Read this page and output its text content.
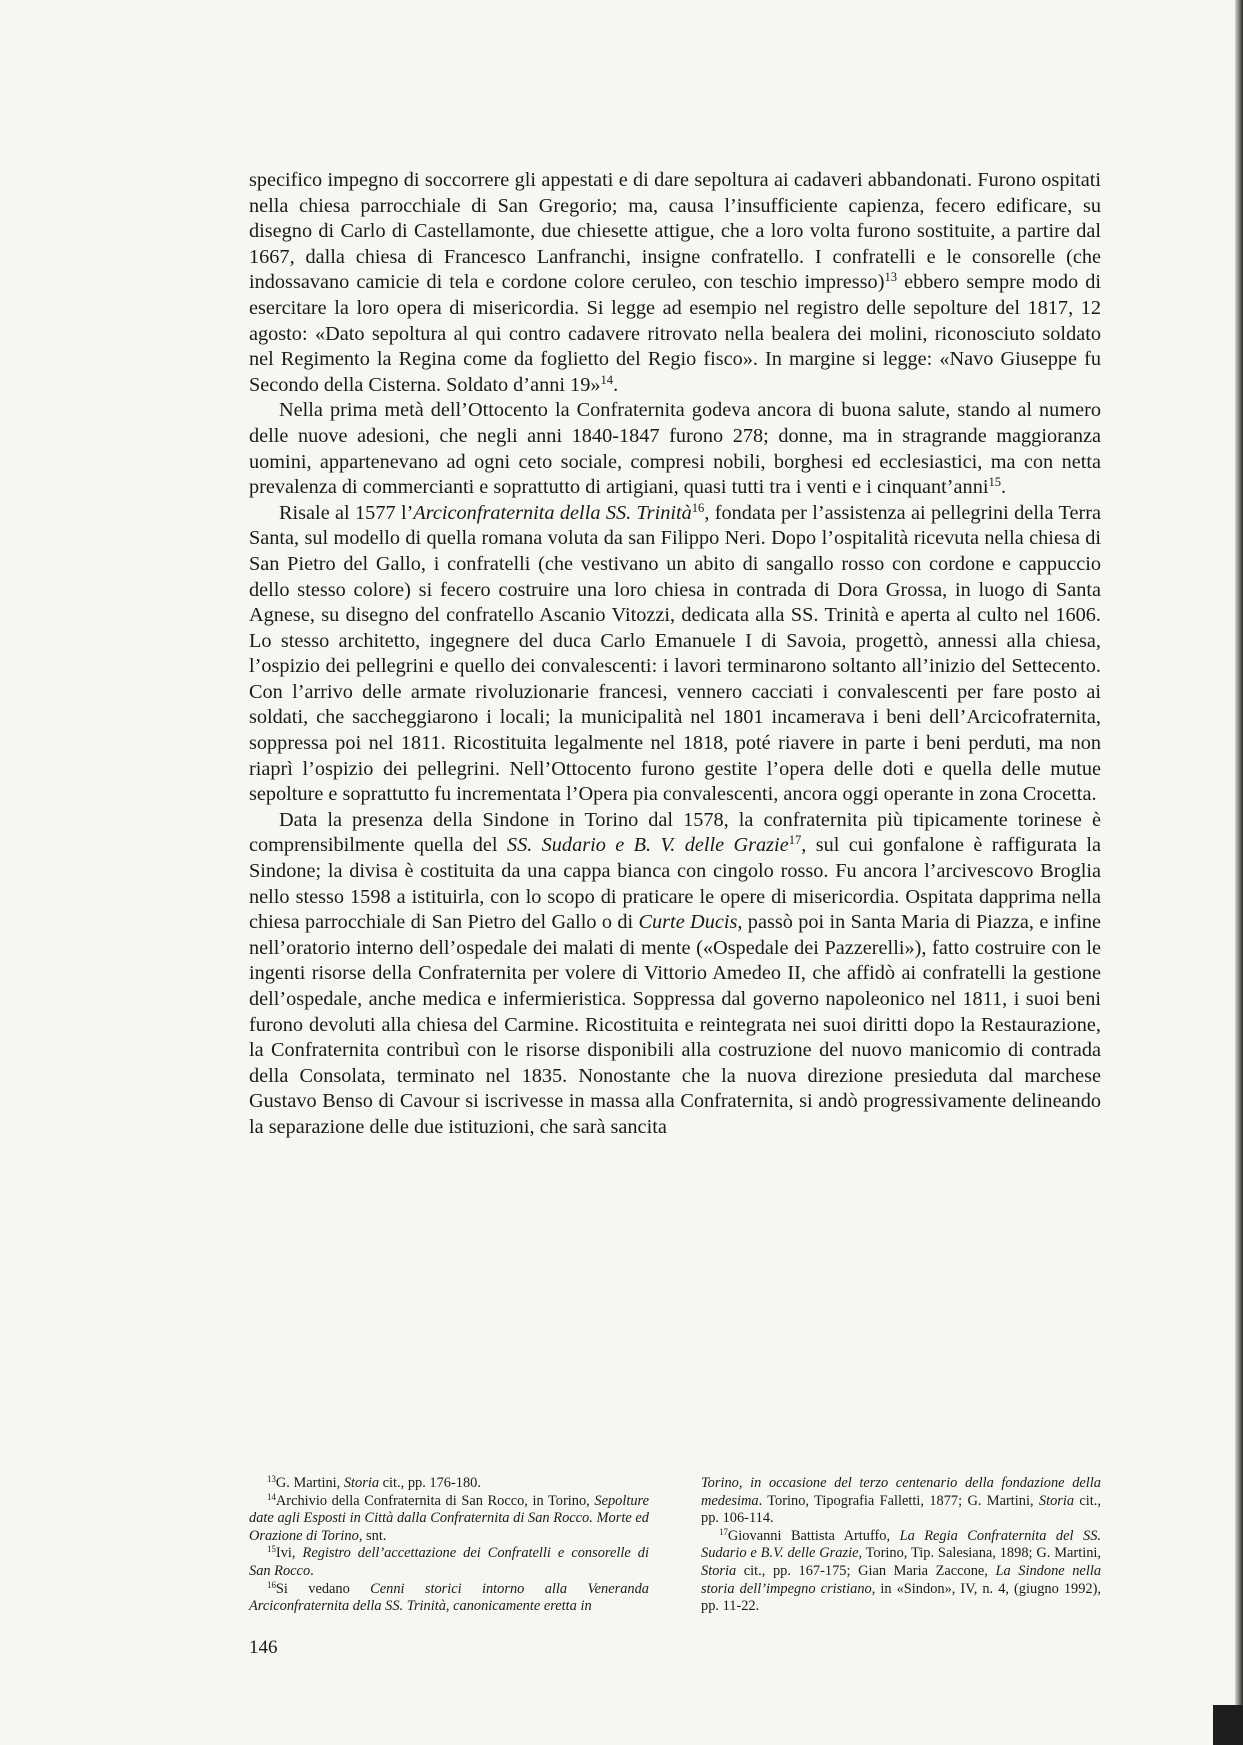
specifico impegno di soccorrere gli appestati e di dare sepoltura ai cadaveri abbandonati. Furono ospitati nella chiesa parrocchiale di San Gregorio; ma, causa l’insufficiente capienza, fecero edificare, su disegno di Carlo di Castellamonte, due chiesette attigue, che a loro volta furono sostituite, a partire dal 1667, dalla chiesa di Francesco Lanfranchi, insigne confratello. I confratelli e le consorelle (che indossavano camicie di tela e cordone colore ceruleo, con teschio impresso)$^{13}$ ebbero sempre modo di esercitare la loro opera di misericordia. Si legge ad esempio nel registro delle sepolture del 1817, 12 agosto: «Dato sepoltura al qui contro cadavere ritrovato nella bealera dei molini, riconosciuto soldato nel Regimento la Regina come da foglietto del Regio fisco». In margine si legge: «Navo Giuseppe fu Secondo della Cisterna. Soldato d’anni 19»$^{14}$.

Nella prima metà dell’Ottocento la Confraternita godeva ancora di buona salute, stando al numero delle nuove adesioni, che negli anni 1840-1847 furono 278; donne, ma in stragrande maggioranza uomini, appartenevano ad ogni ceto sociale, compresi nobili, borghesi ed ecclesiastici, ma con netta prevalenza di commercianti e soprattutto di artigiani, quasi tutti tra i venti e i cinquant’anni$^{15}$.

Risale al 1577 l’Arciconfraternita della SS. Trinità$^{16}$, fondata per l’assistenza ai pellegrini della Terra Santa, sul modello di quella romana voluta da san Filippo Neri. Dopo l’ospitalità ricevuta nella chiesa di San Pietro del Gallo, i confratelli (che vestivano un abito di sangallo rosso con cordone e cappuccio dello stesso colore) si fecero costruire una loro chiesa in contrada di Dora Grossa, in luogo di Santa Agnese, su disegno del confratello Ascanio Vitozzi, dedicata alla SS. Trinità e aperta al culto nel 1606. Lo stesso architetto, ingegnere del duca Carlo Emanuele I di Savoia, progettò, annessi alla chiesa, l’ospizio dei pellegrini e quello dei convalescenti: i lavori terminarono soltanto all’inizio del Settecento. Con l’arrivo delle armate rivoluzionarie francesi, vennero cacciati i convalescenti per fare posto ai soldati, che saccheggiarono i locali; la municipalità nel 1801 incamerava i beni dell’Arcicofraternita, soppressa poi nel 1811. Ricostituita legalmente nel 1818, poté riavere in parte i beni perduti, ma non riaprì l’ospizio dei pellegrini. Nell’Ottocento furono gestite l’opera delle doti e quella delle mutue sepolture e soprattutto fu incrementata l’Opera pia convalescenti, ancora oggi operante in zona Crocetta.

Data la presenza della Sindone in Torino dal 1578, la confraternita più tipicamente torinese è comprensibilmente quella del SS. Sudario e B. V. delle Grazie$^{17}$, sul cui gonfalone è raffigurata la Sindone; la divisa è costituita da una cappa bianca con cingolo rosso. Fu ancora l’arcivescovo Broglia nello stesso 1598 a istituirla, con lo scopo di praticare le opere di misericordia. Ospitata dapprima nella chiesa parrocchiale di San Pietro del Gallo o di Curte Ducis, passò poi in Santa Maria di Piazza, e infine nell’oratorio interno dell’ospedale dei malati di mente («Ospedale dei Pazzerelli»), fatto costruire con le ingenti risorse della Confraternita per volere di Vittorio Amedeo II, che affidò ai confratelli la gestione dell’ospedale, anche medica e infermieristica. Soppressa dal governo napoleonico nel 1811, i suoi beni furono devoluti alla chiesa del Carmine. Ricostituita e reintegrata nei suoi diritti dopo la Restaurazione, la Confraternita contribuì con le risorse disponibili alla costruzione del nuovo manicomio di contrada della Consolata, terminato nel 1835. Nonostante che la nuova direzione presieduta dal marchese Gustavo Benso di Cavour si iscrivesse in massa alla Confraternita, si andò progressivamente delineando la separazione delle due istituzioni, che sarà sancita

$^{13}$G. Martini, Storia cit., pp. 176-180.

$^{14}$Archivio della Confraternita di San Rocco, in Torino, Sepolture date agli Esposti in Città dalla Confraternita di San Rocco. Morte ed Orazione di Torino, snt.

$^{15}$Ivi, Registro dell’accettazione dei Confratelli e consorelle di San Rocco.

$^{16}$Si vedano Cenni storici intorno alla Veneranda Arciconfraternita della SS. Trinità, canonicamente eretta in

Torino, in occasione del terzo centenario della fondazione della medesima. Torino, Tipografia Falletti, 1877; G. Martini, Storia cit., pp. 106-114.

$^{17}$Giovanni Battista Artuffo, La Regia Confraternita del SS. Sudario e B.V. delle Grazie, Torino, Tip. Salesiana, 1898; G. Martini, Storia cit., pp. 167-175; Gian Maria Zaccone, La Sindone nella storia dell’impegno cristiano, in «Sindon», IV, n. 4, (giugno 1992), pp. 11-22.

146
